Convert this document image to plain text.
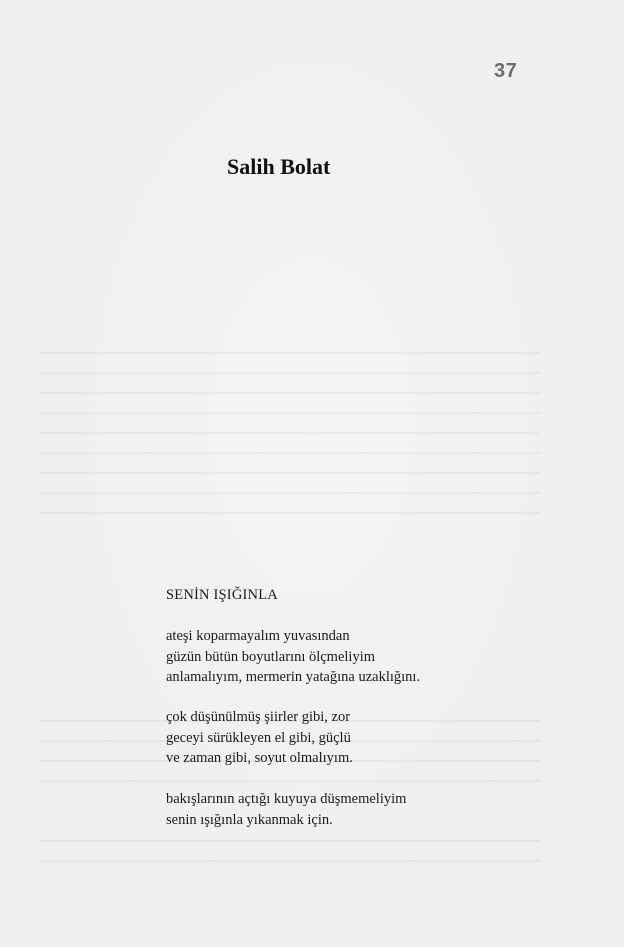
37
Salih Bolat
SENİN IŞIĞINLA
ateşi koparmayalım yuvasından
güzün bütün boyutlarını ölçmeliyim
anlamalıyım, mermerin yatağına uzaklığını.
çok düşünülmüş şiirler gibi, zor
geceyi sürükleyen el gibi, güçlü
ve zaman gibi, soyut olmalıyım.
bakışlarının açtığı kuyuya düşmemeliyim
senin ışığınla yıkanmak için.
